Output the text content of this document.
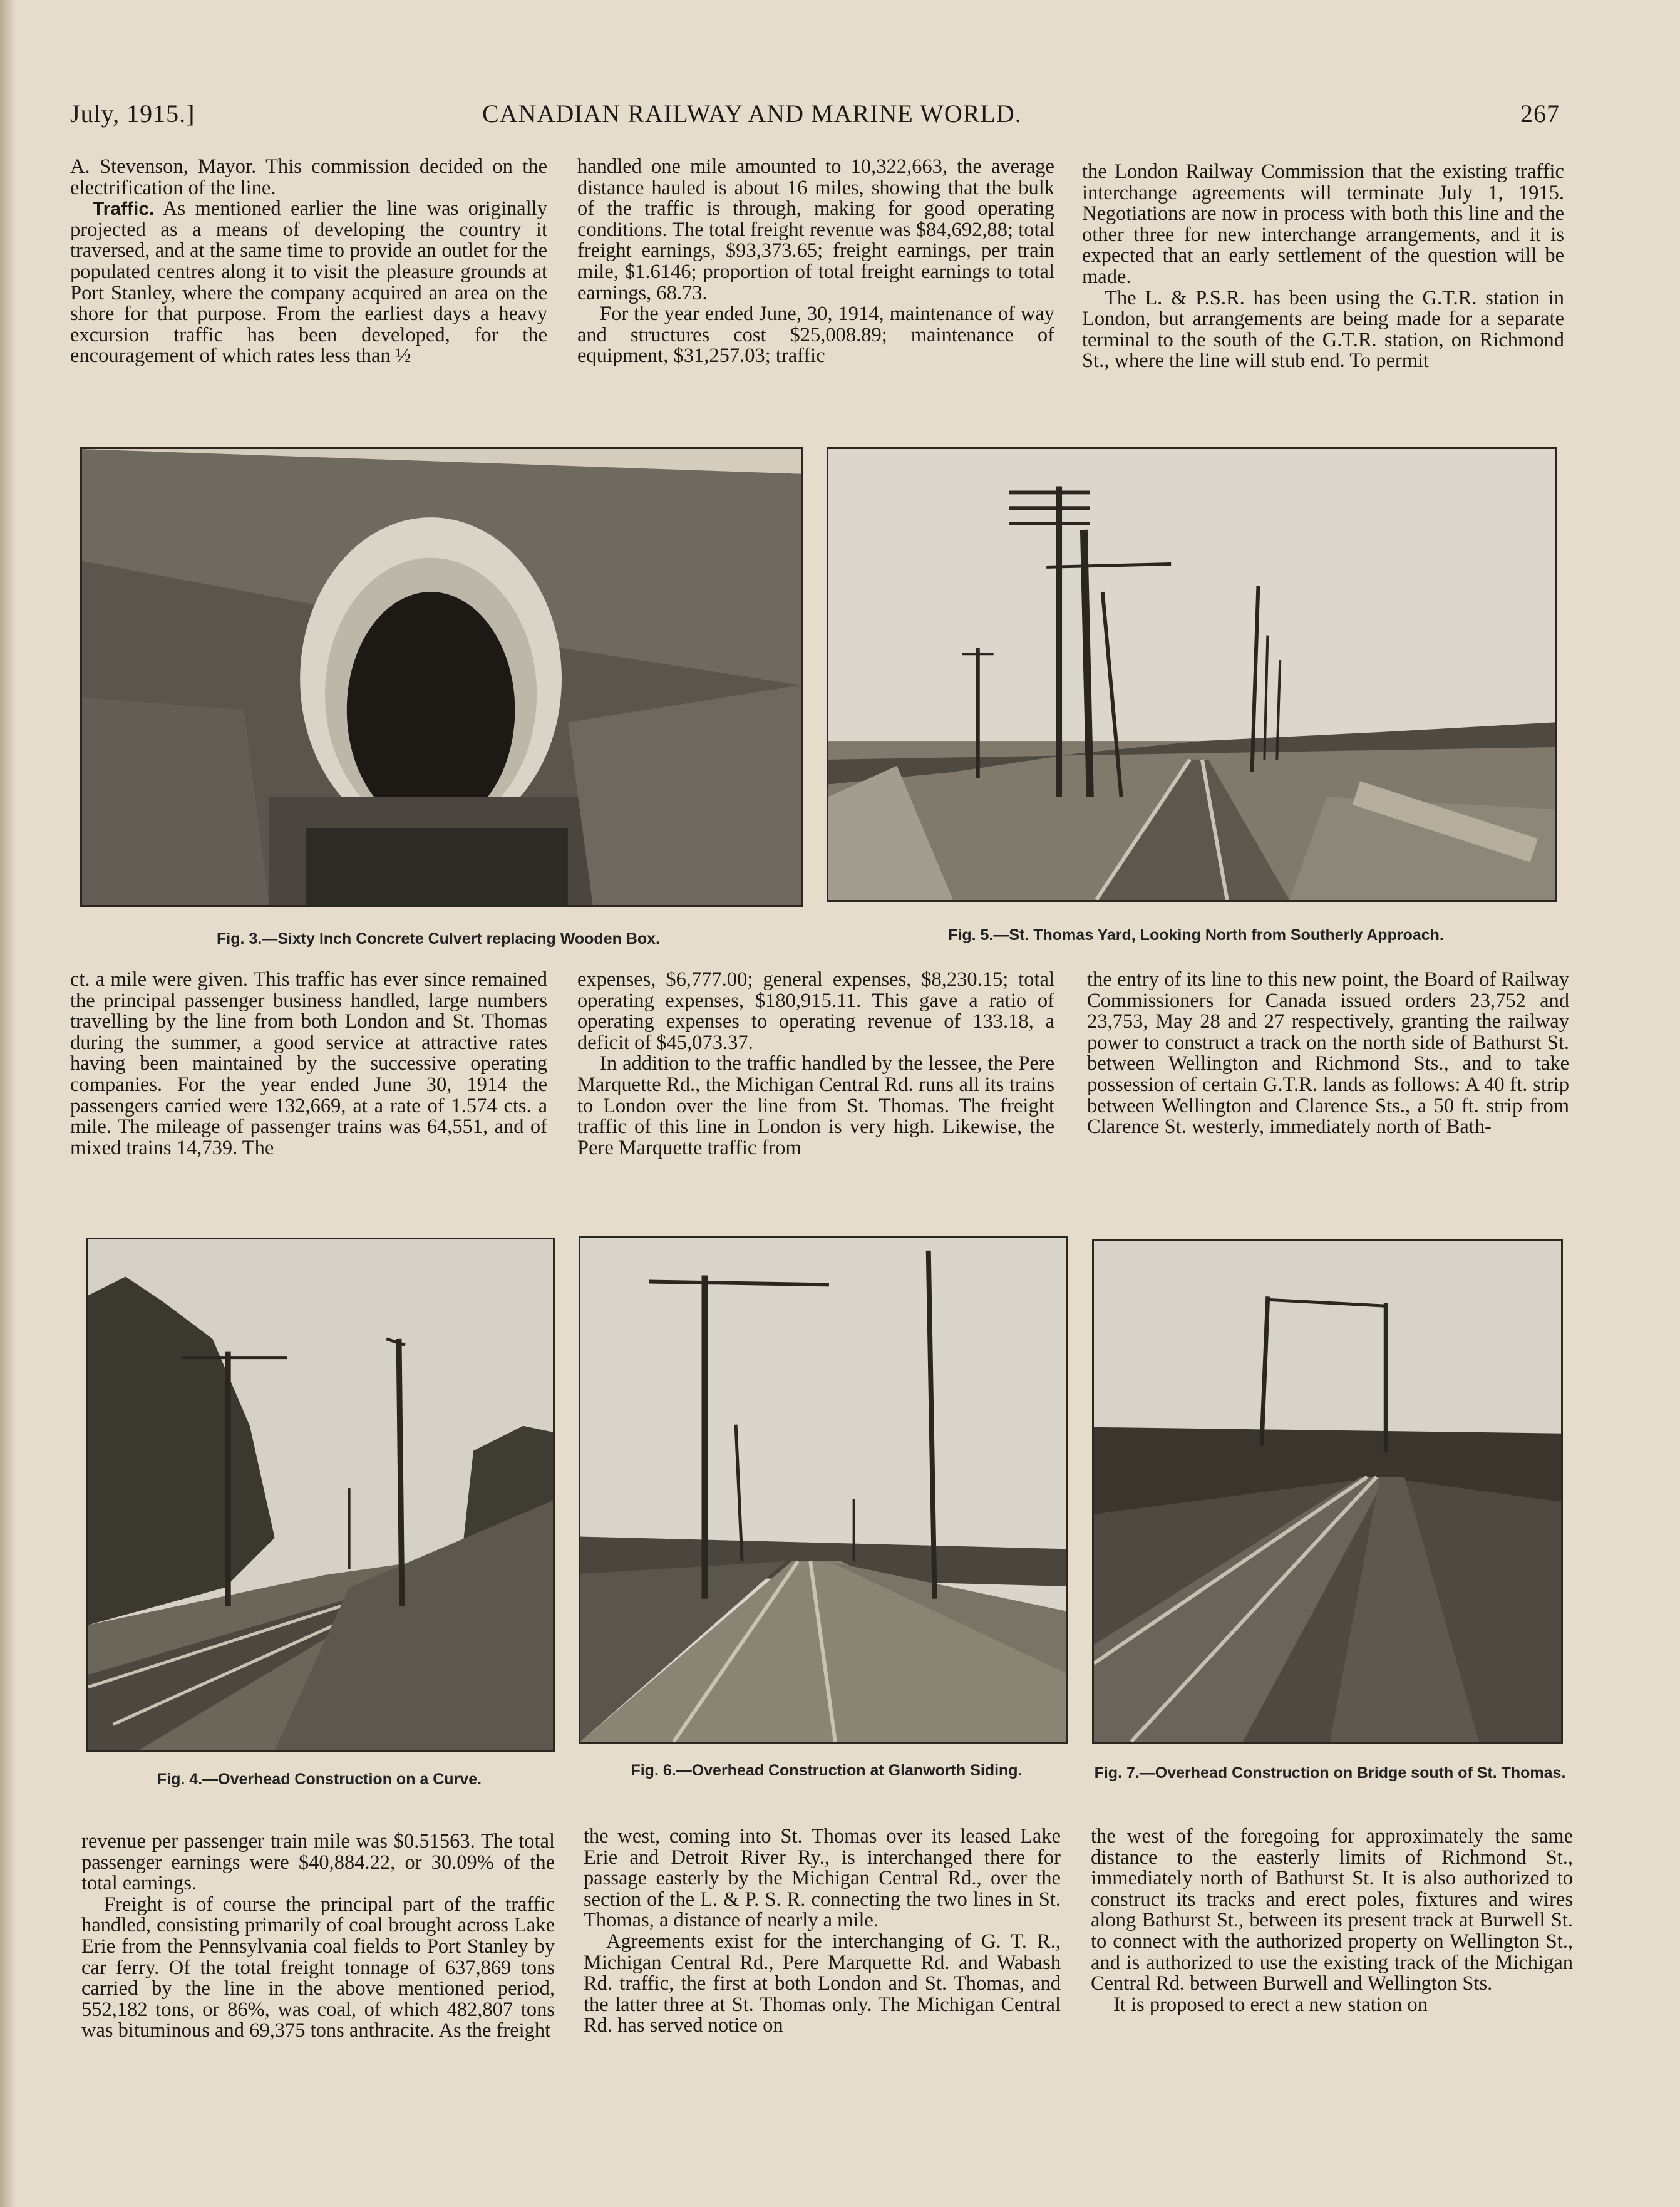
July, 1915.]	CANADIAN RAILWAY AND MARINE WORLD.	267

A. Stevenson, Mayor. This commission decided on the electrification of the line.

Traffic. As mentioned earlier the line was originally projected as a means of developing the country it traversed, and at the same time to provide an outlet for the populated centres along it to visit the pleasure grounds at Port Stanley, where the company acquired an area on the shore for that purpose. From the earliest days a heavy excursion traffic has been developed, for the encouragement of which rates less than ½

handled one mile amounted to 10,322,663, the average distance hauled is about 16 miles, showing that the bulk of the traffic is through, making for good operating conditions. The total freight revenue was $84,692,88; total freight earnings, $93,373.65; freight earnings, per train mile, $1.6146; proportion of total freight earnings to total earnings, 68.73.

For the year ended June, 30, 1914, maintenance of way and structures cost $25,008.89; maintenance of equipment, $31,257.03; traffic

the London Railway Commission that the existing traffic interchange agreements will terminate July 1, 1915. Negotiations are now in process with both this line and the other three for new interchange arrangements, and it is expected that an early settlement of the question will be made.

The L. & P.S.R. has been using the G.T.R. station in London, but arrangements are being made for a separate terminal to the south of the G.T.R. station, on Richmond St., where the line will stub end. To permit

Fig. 3.—Sixty Inch Concrete Culvert replacing Wooden Box.	Fig. 5.—St. Thomas Yard, Looking North from Southerly Approach.

ct. a mile were given. This traffic has ever since remained the principal passenger business handled, large numbers travelling by the line from both London and St. Thomas during the summer, a good service at attractive rates having been maintained by the successive operating companies. For the year ended June 30, 1914 the passengers carried were 132,669, at a rate of 1.574 cts. a mile. The mileage of passenger trains was 64,551, and of mixed trains 14,739. The

expenses, $6,777.00; general expenses, $8,230.15; total operating expenses, $180,915.11. This gave a ratio of operating expenses to operating revenue of 133.18, a deficit of $45,073.37.

In addition to the traffic handled by the lessee, the Pere Marquette Rd., the Michigan Central Rd. runs all its trains to London over the line from St. Thomas. The freight traffic of this line in London is very high. Likewise, the Pere Marquette traffic from

the entry of its line to this new point, the Board of Railway Commissioners for Canada issued orders 23,752 and 23,753, May 28 and 27 respectively, granting the railway power to construct a track on the north side of Bathurst St. between Wellington and Richmond Sts., and to take possession of certain G.T.R. lands as follows: A 40 ft. strip between Wellington and Clarence Sts., a 50 ft. strip from Clarence St. westerly, immediately north of Bath-

Fig. 4.—Overhead Construction on a Curve.	Fig. 6.—Overhead Construction at Glanworth Siding.	Fig. 7.—Overhead Construction on Bridge south of St. Thomas.

revenue per passenger train mile was $0.51563. The total passenger earnings were $40,884.22, or 30.09% of the total earnings.

Freight is of course the principal part of the traffic handled, consisting primarily of coal brought across Lake Erie from the Pennsylvania coal fields to Port Stanley by car ferry. Of the total freight tonnage of 637,869 tons carried by the line in the above mentioned period, 552,182 tons, or 86%, was coal, of which 482,807 tons was bituminous and 69,375 tons anthracite. As the freight

the west, coming into St. Thomas over its leased Lake Erie and Detroit River Ry., is interchanged there for passage easterly by the Michigan Central Rd., over the section of the L. & P. S. R. connecting the two lines in St. Thomas, a distance of nearly a mile.

Agreements exist for the interchanging of G. T. R., Michigan Central Rd., Pere Marquette Rd. and Wabash Rd. traffic, the first at both London and St. Thomas, and the latter three at St. Thomas only. The Michigan Central Rd. has served notice on

the west of the foregoing for approximately the same distance to the easterly limits of Richmond St., immediately north of Bathurst St. It is also authorized to construct its tracks and erect poles, fixtures and wires along Bathurst St., between its present track at Burwell St. to connect with the authorized property on Wellington St., and is authorized to use the existing track of the Michigan Central Rd. between Burwell and Wellington Sts.

It is proposed to erect a new station on
